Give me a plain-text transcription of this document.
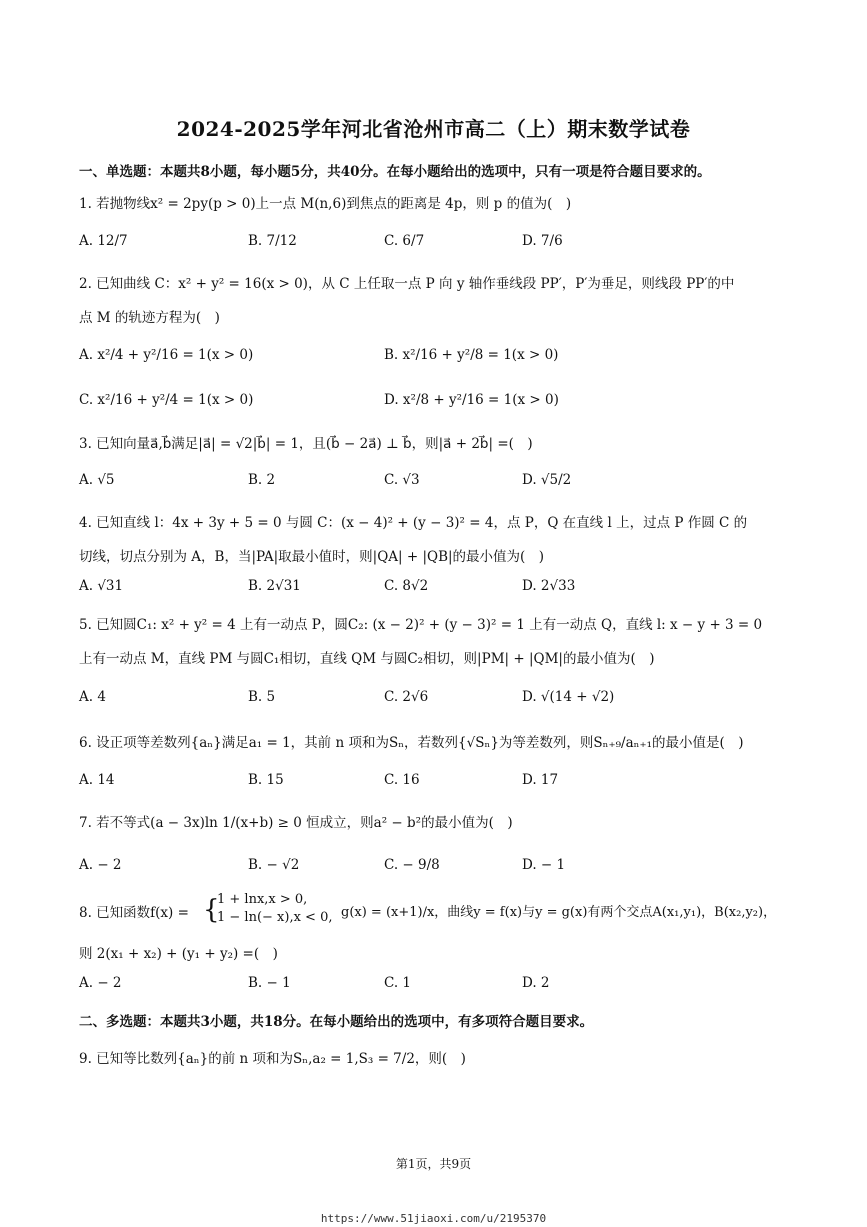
2024-2025学年河北省沧州市高二（上）期末数学试卷
一、单选题：本题共8小题，每小题5分，共40分。在每小题给出的选项中，只有一项是符合题目要求的。
1. 若抛物线x² = 2py(p > 0)上一点 M(n,6)到焦点的距离是 4p，则 p 的值为(　)
A. 12/7	B. 7/12	C. 6/7	D. 7/6
2. 已知曲线 C：x² + y² = 16(x > 0)，从 C 上任取一点 P 向 y 轴作垂线段 PP′，P′为垂足，则线段 PP′的中
点 M 的轨迹方程为(　)
A. x²/4 + y²/16 = 1(x > 0)	B. x²/16 + y²/8 = 1(x > 0)
C. x²/16 + y²/4 = 1(x > 0)	D. x²/8 + y²/16 = 1(x > 0)
3. 已知向量a⃗,b⃗满足|a⃗| = √2|b⃗| = 1，且(b⃗ − 2a⃗) ⊥ b⃗，则|a⃗ + 2b⃗| =(　)
A. √5	B. 2	C. √3	D. √5/2
4. 已知直线 l：4x + 3y + 5 = 0 与圆 C：(x − 4)² + (y − 3)² = 4，点 P，Q 在直线 l 上，过点 P 作圆 C 的
切线，切点分别为 A，B，当|PA|取最小值时，则|QA| + |QB|的最小值为(　)
A. √31	B. 2√31	C. 8√2	D. 2√33
5. 已知圆C₁: x² + y² = 4 上有一动点 P，圆C₂: (x − 2)² + (y − 3)² = 1 上有一动点 Q，直线 l: x − y + 3 = 0
上有一动点 M，直线 PM 与圆C₁相切，直线 QM 与圆C₂相切，则|PM| + |QM|的最小值为(　)
A. 4	B. 5	C. 2√6	D. √(14 + √2)
6. 设正项等差数列{aₙ}满足a₁ = 1，其前 n 项和为Sₙ，若数列{√Sₙ}为等差数列，则Sₙ₊₉/aₙ₊₁的最小值是(　)
A. 14	B. 15	C. 16	D. 17
7. 若不等式(a − 3x)ln 1/(x+b) ≥ 0 恒成立，则a² − b²的最小值为(　)
A. − 2	B. − √2	C. − 9/8	D. − 1
8. 已知函数f(x) = {
1 + lnx,x > 0,
1 − ln(− x),x < 0, g(x) = (x+1)/x，曲线y = f(x)与y = g(x)有两个交点A(x₁,y₁)，B(x₂,y₂)，
则 2(x₁ + x₂) + (y₁ + y₂) =(　)
A. − 2	B. − 1	C. 1	D. 2
二、多选题：本题共3小题，共18分。在每小题给出的选项中，有多项符合题目要求。
9. 已知等比数列{aₙ}的前 n 项和为Sₙ,a₂ = 1,S₃ = 7/2，则(　)
第1页，共9页
https://www.51jiaoxi.com/u/2195370
